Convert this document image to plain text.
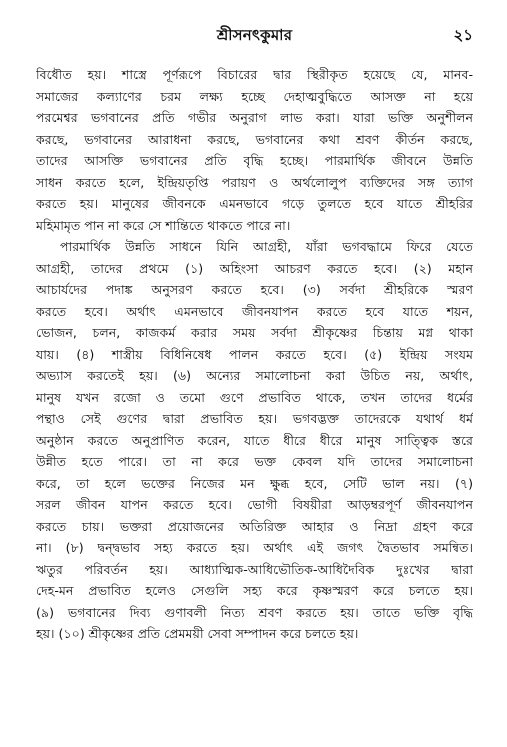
শ্রীসনৎকুমার	২১
বিধৌত হয়। শাস্ত্রে পূর্ণরূপে বিচারের দ্বার স্থিরীকৃত হয়েছে যে, মানব-
সমাজের কল্যাণের চরম লক্ষ্য হচ্ছে দেহাত্মবুদ্ধিতে আসক্ত না হয়ে
পরমেশ্বর ভগবানের প্রতি গভীর অনুরাগ লাভ করা। যারা ভক্তি অনুশীলন
করছে, ভগবানের আরাধনা করছে, ভগবানের কথা শ্রবণ কীর্তন করছে,
তাদের আসক্তি ভগবানের প্রতি বৃদ্ধি হচ্ছে। পারমার্থিক জীবনে উন্নতি
সাধন করতে হলে, ইন্দ্রিয়তৃপ্তি পরায়ণ ও অর্থলোলুপ ব্যক্তিদের সঙ্গ ত্যাগ
করতে হয়। মানুষের জীবনকে এমনভাবে গড়ে তুলতে হবে যাতে শ্রীহরির
মহিমামৃত পান না করে সে শান্তিতে থাকতে পারে না।
পারমার্থিক উন্নতি সাধনে যিনি আগ্রহী, যাঁরা ভগবদ্ধামে ফিরে যেতে
আগ্রহী, তাদের প্রথমে (১) অহিংসা আচরণ করতে হবে। (২) মহান
আচার্যদের পদাঙ্ক অনুসরণ করতে হবে। (৩) সর্বদা শ্রীহরিকে স্মরণ
করতে হবে। অর্থাৎ এমনভাবে জীবনযাপন করতে হবে যাতে শয়ন,
ভোজন, চলন, কাজকর্ম করার সময় সর্বদা শ্রীকৃষ্ণের চিন্তায় মগ্ন থাকা
যায়। (৪) শাস্ত্রীয় বিধিনিষেধ পালন করতে হবে। (৫) ইন্দ্রিয় সংযম
অভ্যাস করতেই হয়। (৬) অন্যের সমালোচনা করা উচিত নয়, অর্থাৎ,
মানুষ যখন রজো ও তমো গুণে প্রভাবিত থাকে, তখন তাদের ধর্মের
পন্থাও সেই গুণের দ্বারা প্রভাবিত হয়। ভগবদ্ভক্ত তাদেরকে যথার্থ ধর্ম
অনুষ্ঠান করতে অনুপ্রাণিত করেন, যাতে ধীরে ধীরে মানুষ সাত্ত্বিক স্তরে
উন্নীত হতে পারে। তা না করে ভক্ত কেবল যদি তাদের সমালোচনা
করে, তা হলে ভক্তের নিজের মন ক্ষুব্ধ হবে, সেটি ভাল নয়। (৭)
সরল জীবন যাপন করতে হবে। ভোগী বিষয়ীরা আড়ম্বরপূর্ণ জীবনযাপন
করতে চায়। ভক্তরা প্রয়োজনের অতিরিক্ত আহার ও নিদ্রা গ্রহণ করে
না। (৮) দ্বন্দ্বভাব সহ্য করতে হয়। অর্থাৎ এই জগৎ দ্বৈতভাব সমন্বিত।
ঋতুর পরিবর্তন হয়। আধ্যাত্মিক-আধিভৌতিক-আধিদৈবিক দুঃখের দ্বারা
দেহ-মন প্রভাবিত হলেও সেগুলি সহ্য করে কৃষ্ণস্মরণ করে চলতে হয়।
(৯) ভগবানের দিব্য গুণাবলী নিত্য শ্রবণ করতে হয়। তাতে ভক্তি বৃদ্ধি
হয়। (১০) শ্রীকৃষ্ণের প্রতি প্রেমময়ী সেবা সম্পাদন করে চলতে হয়।
